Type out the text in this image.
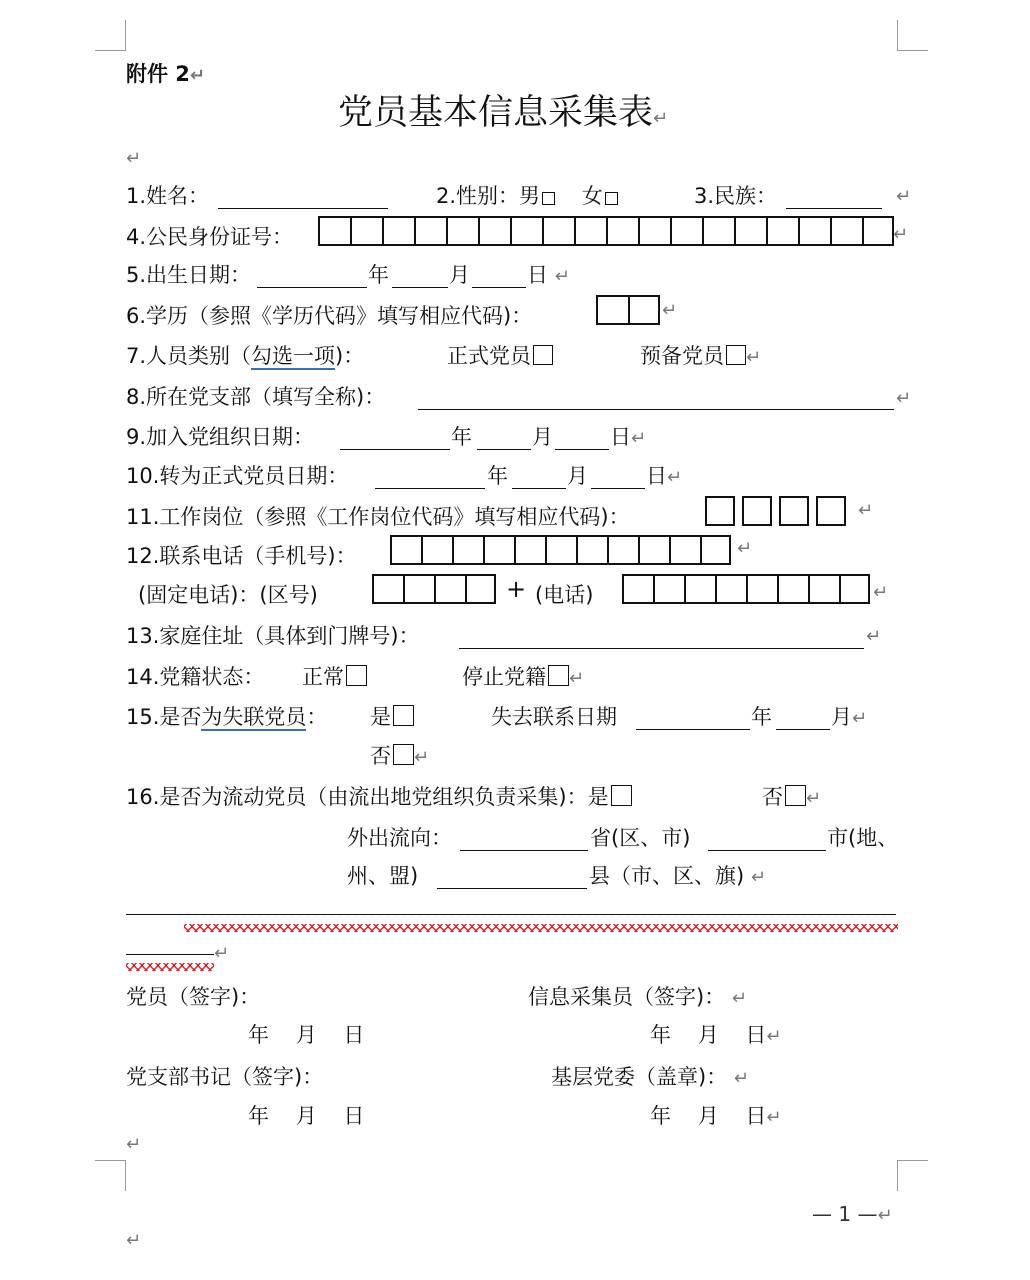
附件 2↵
党员基本信息采集表↵
↵
1.姓名：	2.性别：男 女	3.民族：	↵
4.公民身份证号：	↵
5.出生日期：	年	月	日 ↵
6.学历（参照《学历代码》填写相应代码)：	↵
7.人员类别（勾选一项)：	正式党员	预备党员 ↵
8.所在党支部（填写全称)：	↵
9.加入党组织日期：	年	月	日↵
10.转为正式党员日期：	年	月	日↵
11.工作岗位（参照《工作岗位代码》填写相应代码)：	↵
12.联系电话（手机号)：	↵
(固定电话)：(区号)	+ (电话)	↵
13.家庭住址（具体到门牌号)：	↵
14.党籍状态： 正常	停止党籍 ↵
15.是否为失联党员： 是	失去联系日期	年	月↵
否 ↵
16.是否为流动党员（由流出地党组织负责采集)：是	否 ↵
外出流向：	省(区、市)	市(地、
州、盟)	县（市、区、旗) ↵
↵
党员（签字)：	信息采集员（签字)： ↵
年 月 日	年 月 日↵
党支部书记（签字)：	基层党委（盖章)： ↵
年 月 日	年 月 日↵
↵
— 1 —↵
↵
